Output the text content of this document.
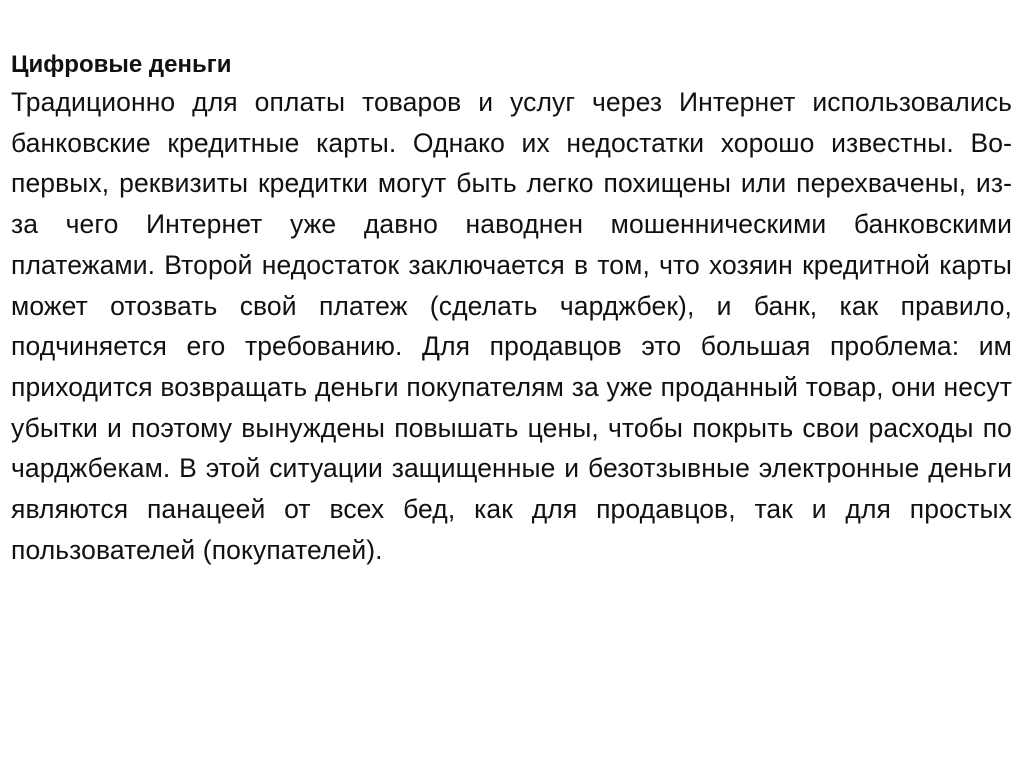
Цифровые деньги

Традиционно для оплаты товаров и услуг через Интернет использовались банковские кредитные карты. Однако их недостатки хорошо известны. Во-первых, реквизиты кредитки могут быть легко похищены или перехвачены, из-за чего Интернет уже давно наводнен мошенническими банковскими платежами. Второй недостаток заключается в том, что хозяин кредитной карты может отозвать свой платеж (сделать чарджбек), и банк, как правило, подчиняется его требованию. Для продавцов это большая проблема: им приходится возвращать деньги покупателям за уже проданный товар, они несут убытки и поэтому вынуждены повышать цены, чтобы покрыть свои расходы по чарджбекам. В этой ситуации защищенные и безотзывные электронные деньги являются панацеей от всех бед, как для продавцов, так и для простых пользователей (покупателей).
